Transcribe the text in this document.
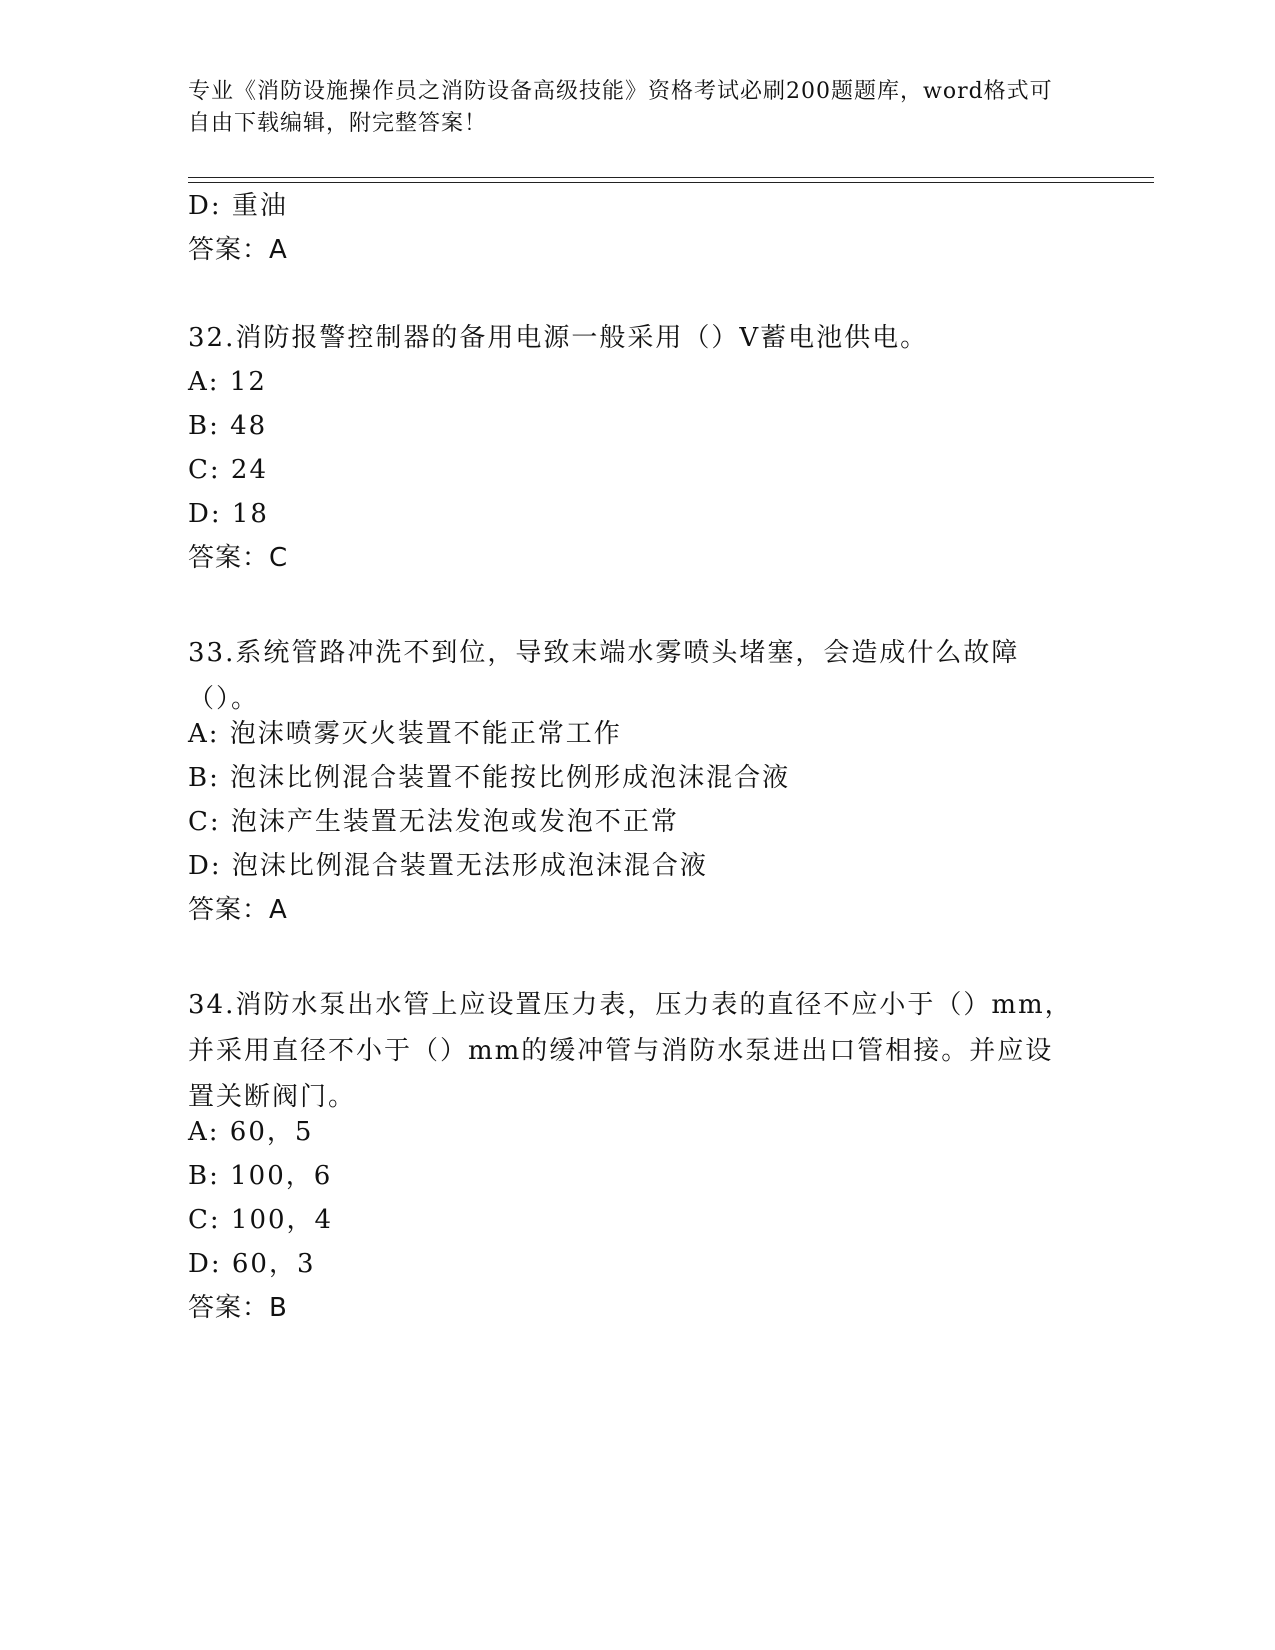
专业《消防设施操作员之消防设备高级技能》资格考试必刷200题题库，word格式可自由下载编辑，附完整答案！
D: 重油
答案：A
32.消防报警控制器的备用电源一般采用（）V蓄电池供电。
A: 12
B: 48
C: 24
D: 18
答案：C
33.系统管路冲洗不到位，导致末端水雾喷头堵塞，会造成什么故障（）。
A: 泡沫喷雾灭火装置不能正常工作
B: 泡沫比例混合装置不能按比例形成泡沫混合液
C: 泡沫产生装置无法发泡或发泡不正常
D: 泡沫比例混合装置无法形成泡沫混合液
答案：A
34.消防水泵出水管上应设置压力表，压力表的直径不应小于（）mm，并采用直径不小于（）mm的缓冲管与消防水泵进出口管相接。并应设置关断阀门。
A: 60，5
B: 100，6
C: 100，4
D: 60，3
答案：B
